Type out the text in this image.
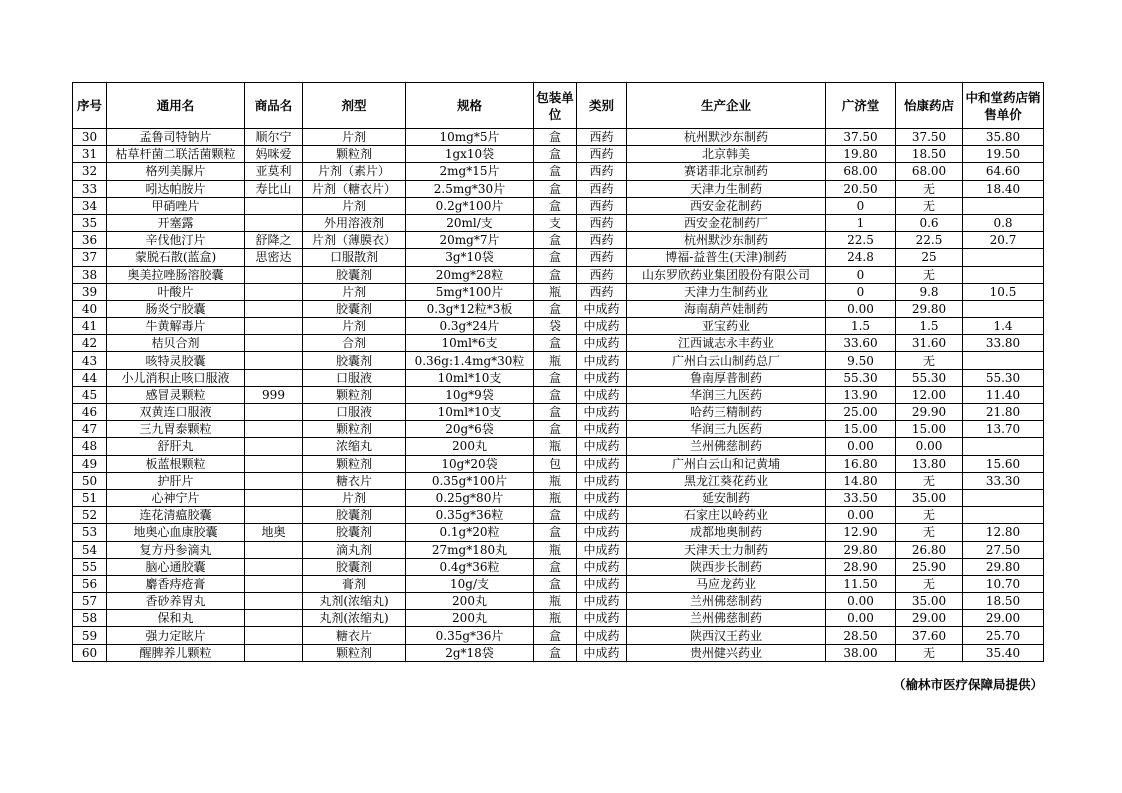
序号	通用名	商品名	剂型	规格	包装单位	类别	生产企业	广济堂	怡康药店	中和堂药店销售单价
30	孟鲁司特钠片	顺尔宁	片剂	10mg*5片	盒	西药	杭州默沙东制药	37.50	37.50	35.80
31	枯草杆菌二联活菌颗粒	妈咪爱	颗粒剂	1gx10袋	盒	西药	北京韩美	19.80	18.50	19.50
32	格列美脲片	亚莫利	片剂（素片）	2mg*15片	盒	西药	赛诺菲北京制药	68.00	68.00	64.60
33	吲达帕胺片	寿比山	片剂（糖衣片）	2.5mg*30片	盒	西药	天津力生制药	20.50	无	18.40
34	甲硝唑片		片剂	0.2g*100片	盒	西药	西安金花制药	0	无	
35	开塞露		外用溶液剂	20ml/支	支	西药	西安金花制药厂	1	0.6	0.8
36	辛伐他汀片	舒降之	片剂（薄膜衣）	20mg*7片	盒	西药	杭州默沙东制药	22.5	22.5	20.7
37	蒙脱石散(蓝盒)	思密达	口服散剂	3g*10袋	盒	西药	博福-益普生(天津)制药	24.8	25	
38	奥美拉唑肠溶胶囊		胶囊剂	20mg*28粒	盒	西药	山东罗欣药业集团股份有限公司	0	无	
39	叶酸片		片剂	5mg*100片	瓶	西药	天津力生制药业	0	9.8	10.5
40	肠炎宁胶囊		胶囊剂	0.3g*12粒*3板	盒	中成药	海南葫芦娃制药	0.00	29.80	
41	牛黄解毒片		片剂	0.3g*24片	袋	中成药	亚宝药业	1.5	1.5	1.4
42	桔贝合剂		合剂	10ml*6支	盒	中成药	江西诚志永丰药业	33.60	31.60	33.80
43	咳特灵胶囊		胶囊剂	0.36g:1.4mg*30粒	瓶	中成药	广州白云山制药总厂	9.50	无	
44	小儿消积止咳口服液		口服液	10ml*10支	盒	中成药	鲁南厚普制药	55.30	55.30	55.30
45	感冒灵颗粒	999	颗粒剂	10g*9袋	盒	中成药	华润三九医药	13.90	12.00	11.40
46	双黄连口服液		口服液	10ml*10支	盒	中成药	哈药三精制药	25.00	29.90	21.80
47	三九胃泰颗粒		颗粒剂	20g*6袋	盒	中成药	华润三九医药	15.00	15.00	13.70
48	舒肝丸		浓缩丸	200丸	瓶	中成药	兰州佛慈制药	0.00	0.00	
49	板蓝根颗粒		颗粒剂	10g*20袋	包	中成药	广州白云山和记黄埔	16.80	13.80	15.60
50	护肝片		糖衣片	0.35g*100片	瓶	中成药	黑龙江葵花药业	14.80	无	33.30
51	心神宁片		片剂	0.25g*80片	瓶	中成药	延安制药	33.50	35.00	
52	连花清瘟胶囊		胶囊剂	0.35g*36粒	盒	中成药	石家庄以岭药业	0.00	无	
53	地奥心血康胶囊	地奥	胶囊剂	0.1g*20粒	盒	中成药	成都地奥制药	12.90	无	12.80
54	复方丹参滴丸		滴丸剂	27mg*180丸	瓶	中成药	天津天士力制药	29.80	26.80	27.50
55	脑心通胶囊		胶囊剂	0.4g*36粒	盒	中成药	陕西步长制药	28.90	25.90	29.80
56	麝香痔疮膏		膏剂	10g/支	盒	中成药	马应龙药业	11.50	无	10.70
57	香砂养胃丸		丸剂(浓缩丸)	200丸	瓶	中成药	兰州佛慈制药	0.00	35.00	18.50
58	保和丸		丸剂(浓缩丸)	200丸	瓶	中成药	兰州佛慈制药	0.00	29.00	29.00
59	强力定眩片		糖衣片	0.35g*36片	盒	中成药	陕西汉王药业	28.50	37.60	25.70
60	醒脾养儿颗粒		颗粒剂	2g*18袋	盒	中成药	贵州健兴药业	38.00	无	35.40
（榆林市医疗保障局提供）
